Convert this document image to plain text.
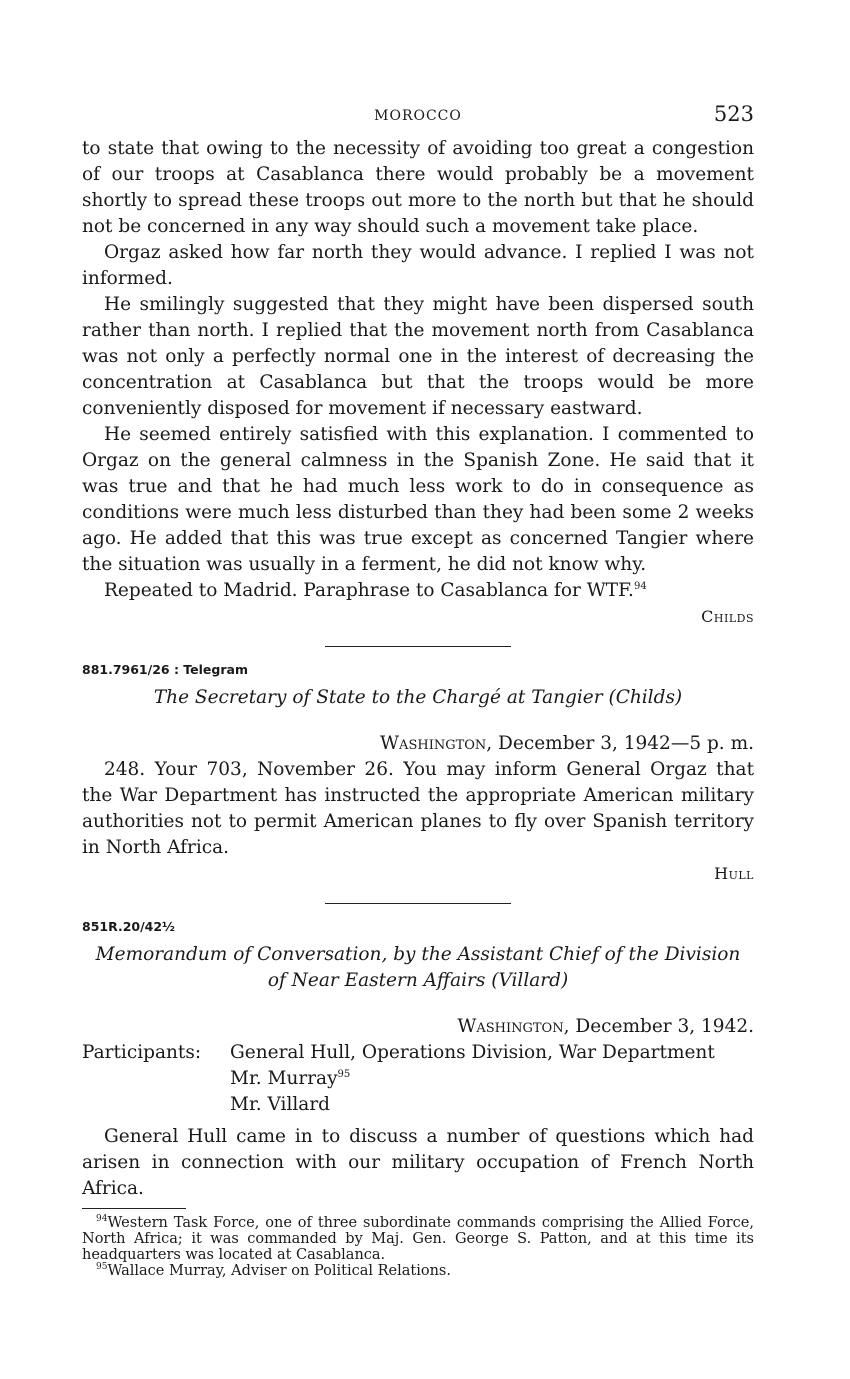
MOROCCO	523

to state that owing to the necessity of avoiding too great a congestion of our troops at Casablanca there would probably be a movement shortly to spread these troops out more to the north but that he should not be concerned in any way should such a movement take place.

Orgaz asked how far north they would advance. I replied I was not informed.

He smilingly suggested that they might have been dispersed south rather than north. I replied that the movement north from Casablanca was not only a perfectly normal one in the interest of decreasing the concentration at Casablanca but that the troops would be more conveniently disposed for movement if necessary eastward.

He seemed entirely satisfied with this explanation. I commented to Orgaz on the general calmness in the Spanish Zone. He said that it was true and that he had much less work to do in consequence as conditions were much less disturbed than they had been some 2 weeks ago. He added that this was true except as concerned Tangier where the situation was usually in a ferment, he did not know why.

Repeated to Madrid. Paraphrase to Casablanca for WTF.$^{94}$

Childs
881.7961/26 : Telegram
The Secretary of State to the Chargé at Tangier (Childs)
Washington, December 3, 1942—5 p. m.

248. Your 703, November 26. You may inform General Orgaz that the War Department has instructed the appropriate American military authorities not to permit American planes to fly over Spanish territory in North Africa.

Hull
851R.20/42½
Memorandum of Conversation, by the Assistant Chief of the Division
of Near Eastern Affairs (Villard)
Washington, December 3, 1942.
Participants:	General Hull, Operations Division, War Department
Mr. Murray$^{95}$
Mr. Villard

General Hull came in to discuss a number of questions which had arisen in connection with our military occupation of French North Africa.

$^{94}$Western Task Force, one of three subordinate commands comprising the Allied Force, North Africa; it was commanded by Maj. Gen. George S. Patton, and at this time its headquarters was located at Casablanca.
$^{95}$Wallace Murray, Adviser on Political Relations.
